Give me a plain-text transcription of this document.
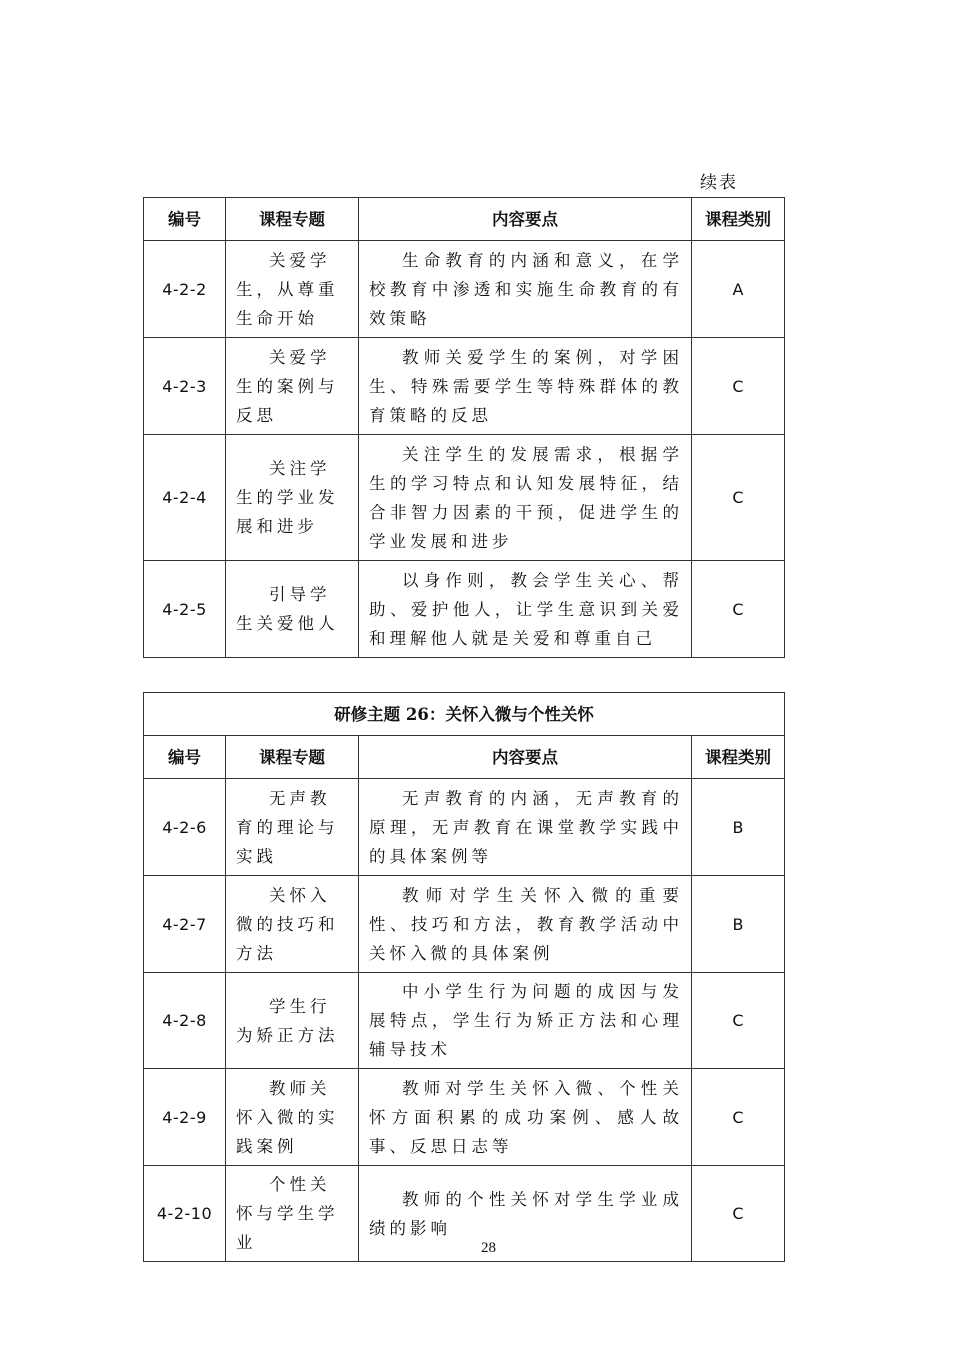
续表
编号	课程专题	内容要点	课程类别
4-2-2	关爱学生，从尊重生命开始	生命教育的内涵和意义，在学校教育中渗透和实施生命教育的有效策略	A
4-2-3	关爱学生的案例与反思	教师关爱学生的案例，对学困生、特殊需要学生等特殊群体的教育策略的反思	C
4-2-4	关注学生的学业发展和进步	关注学生的发展需求，根据学生的学习特点和认知发展特征，结合非智力因素的干预，促进学生的学业发展和进步	C
4-2-5	引导学生关爱他人	以身作则，教会学生关心、帮助、爱护他人，让学生意识到关爱和理解他人就是关爱和尊重自己	C
研修主题 26：关怀入微与个性关怀			
编号	课程专题	内容要点	课程类别
4-2-6	无声教育的理论与实践	无声教育的内涵，无声教育的原理，无声教育在课堂教学实践中的具体案例等	B
4-2-7	关怀入微的技巧和方法	教师对学生关怀入微的重要性、技巧和方法，教育教学活动中关怀入微的具体案例	B
4-2-8	学生行为矫正方法	中小学生行为问题的成因与发展特点，学生行为矫正方法和心理辅导技术	C
4-2-9	教师关怀入微的实践案例	教师对学生关怀入微、个性关怀方面积累的成功案例、感人故事、反思日志等	C
4-2-10	个性关怀与学生学业	教师的个性关怀对学生学业成绩的影响	C
28
